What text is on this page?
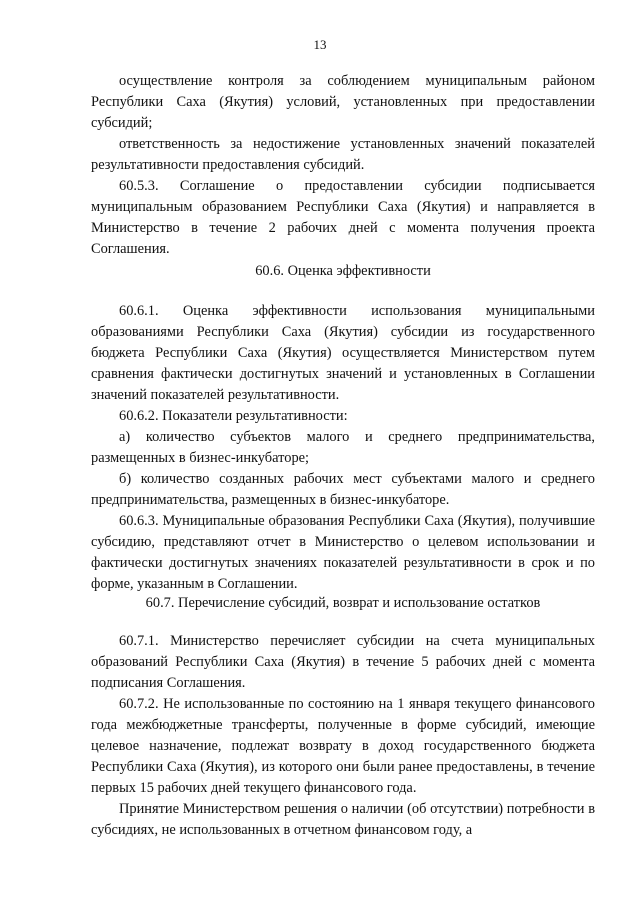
13

осуществление контроля за соблюдением муниципальным районом Республики Саха (Якутия) условий, установленных при предоставлении субсидий;

ответственность за недостижение установленных значений показателей результативности предоставления субсидий.

60.5.3. Соглашение о предоставлении субсидии подписывается муниципальным образованием Республики Саха (Якутия) и направляется в Министерство в течение 2 рабочих дней с момента получения проекта Соглашения.

60.6. Оценка эффективности

60.6.1. Оценка эффективности использования муниципальными образованиями Республики Саха (Якутия) субсидии из государственного бюджета Республики Саха (Якутия) осуществляется Министерством путем сравнения фактически достигнутых значений и установленных в Соглашении значений показателей результативности.

60.6.2. Показатели результативности:

а) количество субъектов малого и среднего предпринимательства, размещенных в бизнес-инкубаторе;

б) количество созданных рабочих мест субъектами малого и среднего предпринимательства, размещенных в бизнес-инкубаторе.

60.6.3. Муниципальные образования Республики Саха (Якутия), получившие субсидию, представляют отчет в Министерство о целевом использовании и фактически достигнутых значениях показателей результативности в срок и по форме, указанным в Соглашении.

60.7. Перечисление субсидий, возврат и использование остатков

60.7.1. Министерство перечисляет субсидии на счета муниципальных образований Республики Саха (Якутия) в течение 5 рабочих дней с момента подписания Соглашения.

60.7.2. Не использованные по состоянию на 1 января текущего финансового года межбюджетные трансферты, полученные в форме субсидий, имеющие целевое назначение, подлежат возврату в доход государственного бюджета Республики Саха (Якутия), из которого они были ранее предоставлены, в течение первых 15 рабочих дней текущего финансового года.

Принятие Министерством решения о наличии (об отсутствии) потребности в субсидиях, не использованных в отчетном финансовом году, а
